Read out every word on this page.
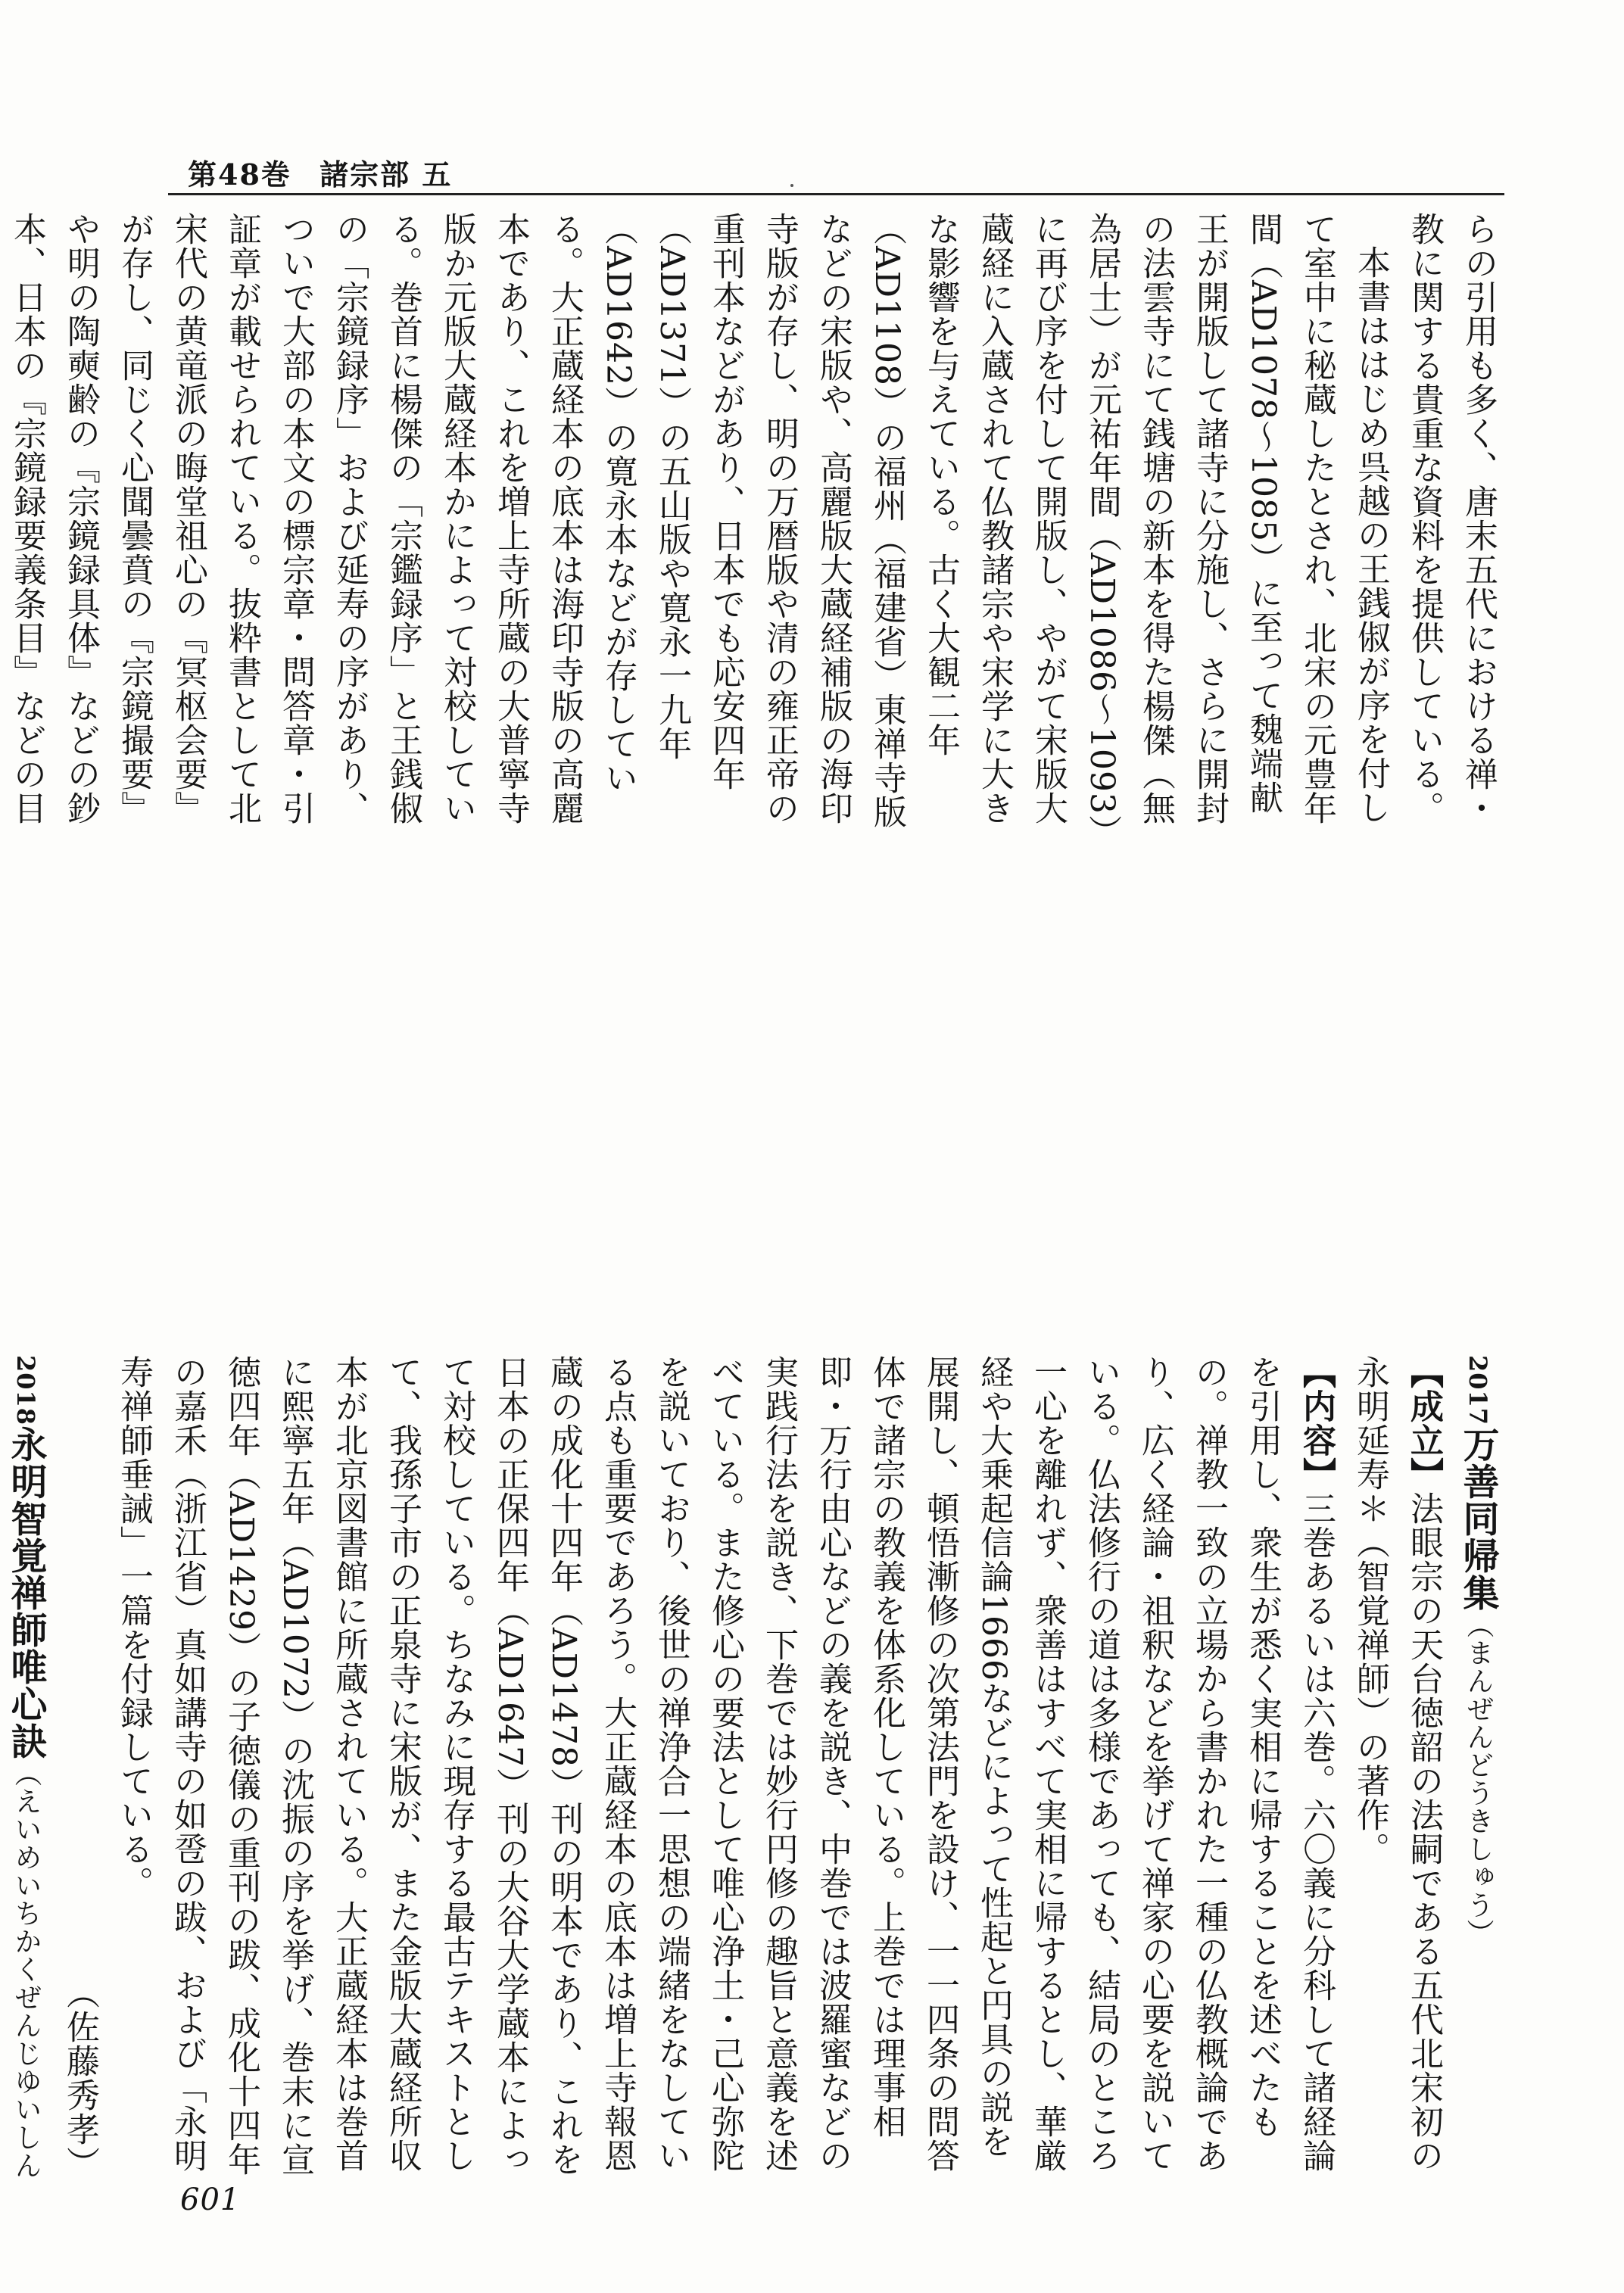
第48巻 諸宗部 五

らの引用も多く、唐末五代における禅・教に関する貴重な資料を提供している。

本書ははじめ呉越の王銭俶が序を付して室中に秘蔵したとされ、北宋の元豊年間（AD1078〜1085）に至って魏端献王が開版して諸寺に分施し、さらに開封の法雲寺にて銭塘の新本を得た楊傑（無為居士）が元祐年間（AD1086〜1093）に再び序を付して開版し、やがて宋版大蔵経に入蔵されて仏教諸宗や宋学に大きな影響を与えている。古く大観二年（AD1108）の福州（福建省）東禅寺版などの宋版や、高麗版大蔵経補版の海印寺版が存し、明の万暦版や清の雍正帝の重刊本などがあり、日本でも応安四年（AD1371）の五山版や寛永一九年（AD1642）の寛永本などが存している。大正蔵経本の底本は海印寺版の高麗本であり、これを増上寺所蔵の大普寧寺版か元版大蔵経本かによって対校している。巻首に楊傑の「宗鑑録序」と王銭俶の「宗鏡録序」および延寿の序があり、ついで大部の本文の標宗章・問答章・引証章が載せられている。抜粋書として北宋代の黄竜派の晦堂祖心の『冥枢会要』が存し、同じく心聞曇賁の『宗鏡撮要』や明の陶奭齢の『宗鏡録具体』などの鈔本、日本の『宗鏡録要義条目』などの目

2017万善同帰集（まんぜんどうきしゅう）

【成立】法眼宗の天台徳韶の法嗣である五代北宋初の永明延寿＊（智覚禅師）の著作。

【内容】三巻あるいは六巻。六〇義に分科して諸経論を引用し、衆生が悉く実相に帰することを述べたもの。禅教一致の立場から書かれた一種の仏教概論であり、広く経論・祖釈などを挙げて禅家の心要を説いている。仏法修行の道は多様であっても、結局のところ一心を離れず、衆善はすべて実相に帰するとし、華厳経や大乗起信論1666などによって性起と円具の説を展開し、頓悟漸修の次第法門を設け、一一四条の問答体で諸宗の教義を体系化している。上巻では理事相即・万行由心などの義を説き、中巻では波羅蜜などの実践行法を説き、下巻では妙行円修の趣旨と意義を述べている。また修心の要法として唯心浄土・己心弥陀を説いており、後世の禅浄合一思想の端緒をなしている点も重要であろう。大正蔵経本の底本は増上寺報恩蔵の成化十四年（AD1478）刊の明本であり、これを日本の正保四年（AD1647）刊の大谷大学蔵本によって対校している。ちなみに現存する最古テキストとして、我孫子市の正泉寺に宋版が、また金版大蔵経所収本が北京図書館に所蔵されている。大正蔵経本は巻首に熙寧五年（AD1072）の沈振の序を挙げ、巻末に宣徳四年（AD1429）の子徳儀の重刊の跋、成化十四年の嘉禾（浙江省）真如講寺の如卺の跋、および「永明寿禅師垂誡」一篇を付録している。

（佐藤秀孝）

2018永明智覚禅師唯心訣（えいめいちかくぜんじゆいしん

601
